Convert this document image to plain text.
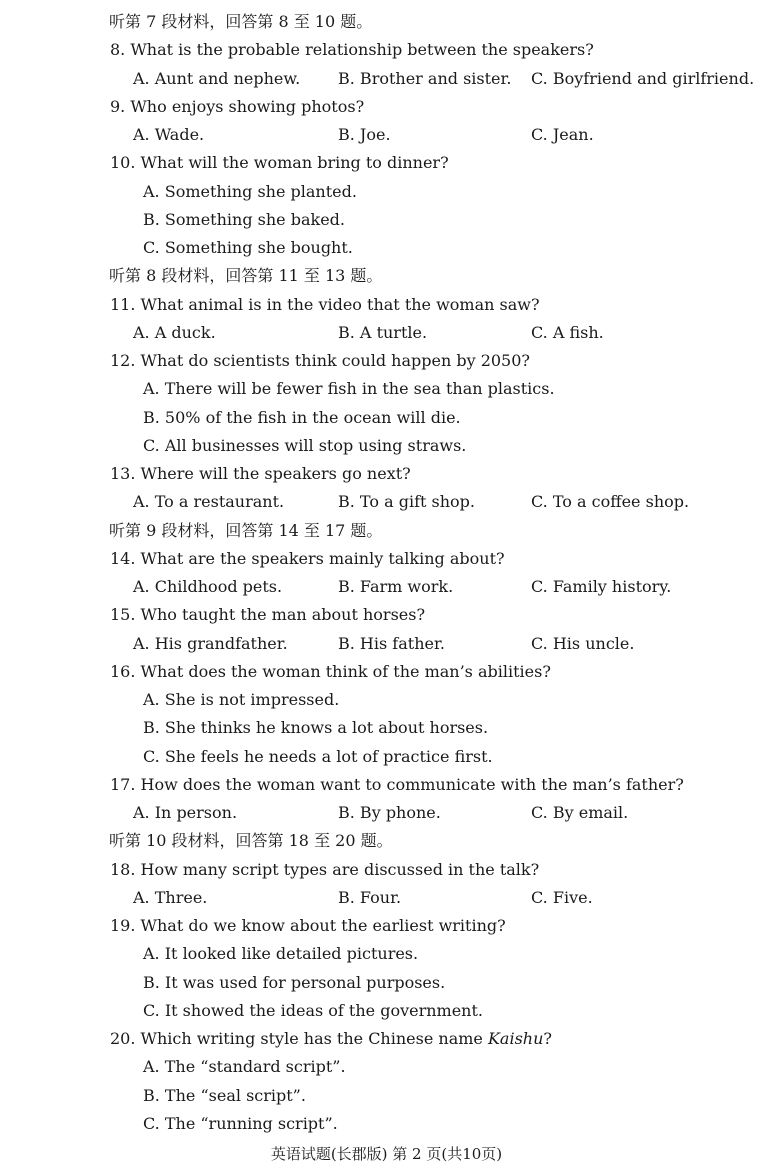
听第 7 段材料，回答第 8 至 10 题。
8. What is the probable relationship between the speakers?
A. Aunt and nephew. B. Brother and sister. C. Boyfriend and girlfriend.
9. Who enjoys showing photos?
A. Wade.	B. Joe.	C. Jean.
10. What will the woman bring to dinner?
A. Something she planted.
B. Something she baked.
C. Something she bought.
听第 8 段材料，回答第 11 至 13 题。
11. What animal is in the video that the woman saw?
A. A duck.	B. A turtle.	C. A fish.
12. What do scientists think could happen by 2050?
A. There will be fewer fish in the sea than plastics.
B. 50% of the fish in the ocean will die.
C. All businesses will stop using straws.
13. Where will the speakers go next?
A. To a restaurant.	B. To a gift shop.	C. To a coffee shop.
听第 9 段材料，回答第 14 至 17 题。
14. What are the speakers mainly talking about?
A. Childhood pets.	B. Farm work.	C. Family history.
15. Who taught the man about horses?
A. His grandfather.	B. His father.	C. His uncle.
16. What does the woman think of the man’s abilities?
A. She is not impressed.
B. She thinks he knows a lot about horses.
C. She feels he needs a lot of practice first.
17. How does the woman want to communicate with the man’s father?
A. In person.	B. By phone.	C. By email.
听第 10 段材料，回答第 18 至 20 题。
18. How many script types are discussed in the talk?
A. Three.	B. Four.	C. Five.
19. What do we know about the earliest writing?
A. It looked like detailed pictures.
B. It was used for personal purposes.
C. It showed the ideas of the government.
20. Which writing style has the Chinese name Kaishu?
A. The “standard script”.
B. The “seal script”.
C. The “running script”.
英语试题(长郡版) 第 2 页(共10页)
